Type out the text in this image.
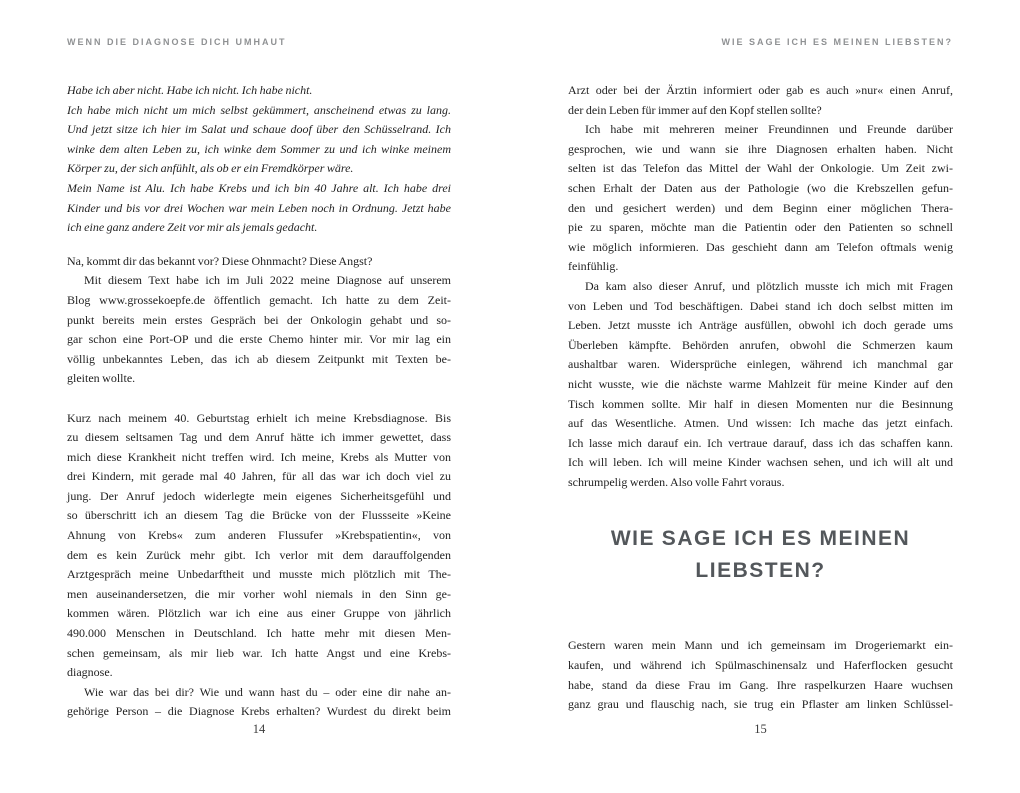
WENN DIE DIAGNOSE DICH UMHAUT
Habe ich aber nicht. Habe ich nicht. Ich habe nicht.
Ich habe mich nicht um mich selbst gekümmert, anscheinend etwas zu lang.
Und jetzt sitze ich hier im Salat und schaue doof über den Schüsselrand. Ich
winke dem alten Leben zu, ich winke dem Sommer zu und ich winke meinem
Körper zu, der sich anfühlt, als ob er ein Fremdkörper wäre.
Mein Name ist Alu. Ich habe Krebs und ich bin 40 Jahre alt. Ich habe drei
Kinder und bis vor drei Wochen war mein Leben noch in Ordnung. Jetzt habe
ich eine ganz andere Zeit vor mir als jemals gedacht.
Na, kommt dir das bekannt vor? Diese Ohnmacht? Diese Angst?
Mit diesem Text habe ich im Juli 2022 meine Diagnose auf unserem
Blog www.grossekoepfe.de öffentlich gemacht. Ich hatte zu dem Zeit-
punkt bereits mein erstes Gespräch bei der Onkologin gehabt und so-
gar schon eine Port-OP und die erste Chemo hinter mir. Vor mir lag ein
völlig unbekanntes Leben, das ich ab diesem Zeitpunkt mit Texten be-
gleiten wollte.
Kurz nach meinem 40. Geburtstag erhielt ich meine Krebsdiagnose. Bis
zu diesem seltsamen Tag und dem Anruf hätte ich immer gewettet, dass
mich diese Krankheit nicht treffen wird. Ich meine, Krebs als Mutter von
drei Kindern, mit gerade mal 40 Jahren, für all das war ich doch viel zu
jung. Der Anruf jedoch widerlegte mein eigenes Sicherheitsgefühl und
so überschritt ich an diesem Tag die Brücke von der Flussseite »Keine
Ahnung von Krebs« zum anderen Flussufer »Krebspatientin«, von
dem es kein Zurück mehr gibt. Ich verlor mit dem darauffolgenden
Arztgespräch meine Unbedarftheit und musste mich plötzlich mit The-
men auseinandersetzen, die mir vorher wohl niemals in den Sinn ge-
kommen wären. Plötzlich war ich eine aus einer Gruppe von jährlich
490.000 Menschen in Deutschland. Ich hatte mehr mit diesen Men-
schen gemeinsam, als mir lieb war. Ich hatte Angst und eine Krebs-
diagnose.
Wie war das bei dir? Wie und wann hast du – oder eine dir nahe an-
gehörige Person – die Diagnose Krebs erhalten? Wurdest du direkt beim
14
WIE SAGE ICH ES MEINEN LIEBSTEN?
Arzt oder bei der Ärztin informiert oder gab es auch »nur« einen Anruf,
der dein Leben für immer auf den Kopf stellen sollte?
Ich habe mit mehreren meiner Freundinnen und Freunde darüber
gesprochen, wie und wann sie ihre Diagnosen erhalten haben. Nicht
selten ist das Telefon das Mittel der Wahl der Onkologie. Um Zeit zwi-
schen Erhalt der Daten aus der Pathologie (wo die Krebszellen gefun-
den und gesichert werden) und dem Beginn einer möglichen Thera-
pie zu sparen, möchte man die Patientin oder den Patienten so schnell
wie möglich informieren. Das geschieht dann am Telefon oftmals wenig
feinfühlig.
Da kam also dieser Anruf, und plötzlich musste ich mich mit Fragen
von Leben und Tod beschäftigen. Dabei stand ich doch selbst mitten im
Leben. Jetzt musste ich Anträge ausfüllen, obwohl ich doch gerade ums
Überleben kämpfte. Behörden anrufen, obwohl die Schmerzen kaum
aushaltbar waren. Widersprüche einlegen, während ich manchmal gar
nicht wusste, wie die nächste warme Mahlzeit für meine Kinder auf den
Tisch kommen sollte. Mir half in diesen Momenten nur die Besinnung
auf das Wesentliche. Atmen. Und wissen: Ich mache das jetzt einfach.
Ich lasse mich darauf ein. Ich vertraue darauf, dass ich das schaffen kann.
Ich will leben. Ich will meine Kinder wachsen sehen, und ich will alt und
schrumpelig werden. Also volle Fahrt voraus.
WIE SAGE ICH ES MEINEN
LIEBSTEN?
Gestern waren mein Mann und ich gemeinsam im Drogeriemarkt ein-
kaufen, und während ich Spülmaschinensalz und Haferflocken gesucht
habe, stand da diese Frau im Gang. Ihre raspelkurzen Haare wuchsen
ganz grau und flauschig nach, sie trug ein Pflaster am linken Schlüssel-
15
